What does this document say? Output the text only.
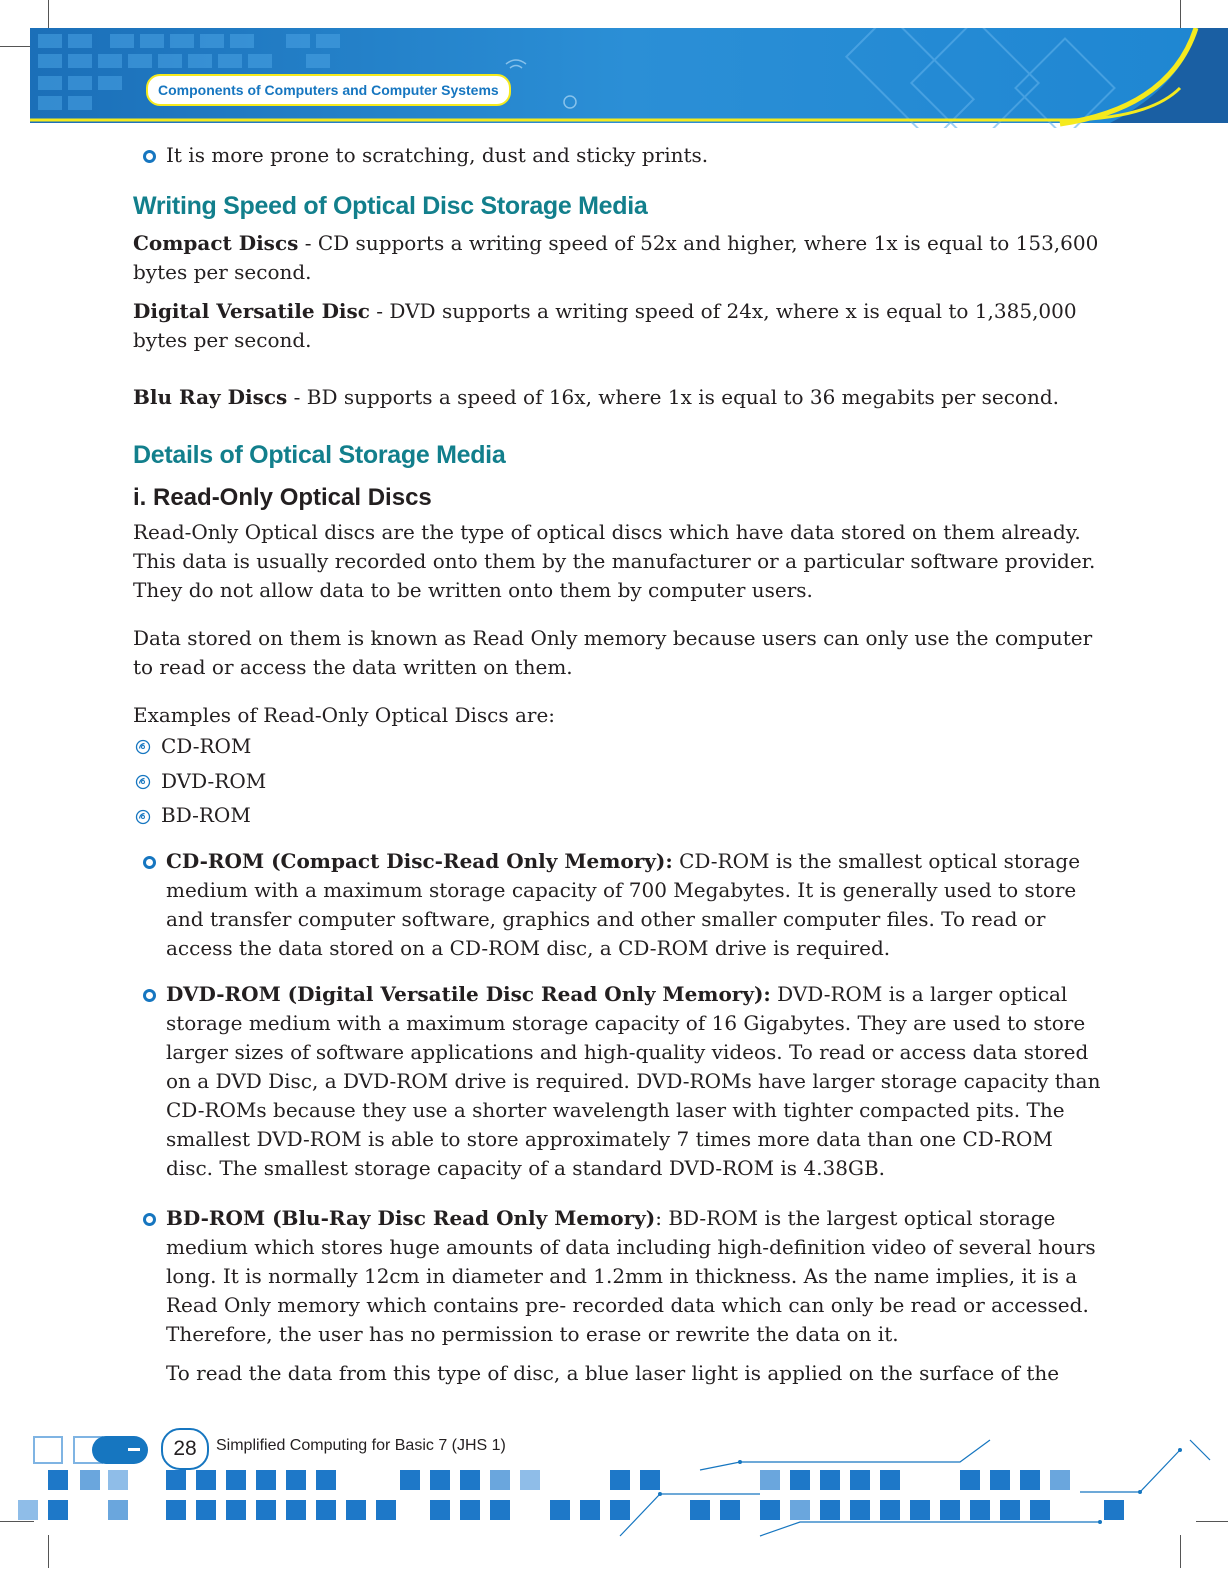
Components of Computers and Computer Systems

It is more prone to scratching, dust and sticky prints.

Writing Speed of Optical Disc Storage Media

Compact Discs - CD supports a writing speed of 52x and higher, where 1x is equal to 153,600 bytes per second.

Digital Versatile Disc - DVD supports a writing speed of 24x, where x is equal to 1,385,000 bytes per second.

Blu Ray Discs - BD supports a speed of 16x, where 1x is equal to 36 megabits per second.

Details of Optical Storage Media
i. Read-Only Optical Discs

Read-Only Optical discs are the type of optical discs which have data stored on them already. This data is usually recorded onto them by the manufacturer or a particular software provider. They do not allow data to be written onto them by computer users.

Data stored on them is known as Read Only memory because users can only use the computer to read or access the data written on them.

Examples of Read-Only Optical Discs are:

CD-ROM

DVD-ROM

BD-ROM

CD-ROM (Compact Disc-Read Only Memory): CD-ROM is the smallest optical storage medium with a maximum storage capacity of 700 Megabytes. It is generally used to store and transfer computer software, graphics and other smaller computer files. To read or access the data stored on a CD-ROM disc, a CD-ROM drive is required.

DVD-ROM (Digital Versatile Disc Read Only Memory): DVD-ROM is a larger optical storage medium with a maximum storage capacity of 16 Gigabytes. They are used to store larger sizes of software applications and high-quality videos. To read or access data stored on a DVD Disc, a DVD-ROM drive is required. DVD-ROMs have larger storage capacity than CD-ROMs because they use a shorter wavelength laser with tighter compacted pits. The smallest DVD-ROM is able to store approximately 7 times more data than one CD-ROM disc. The smallest storage capacity of a standard DVD-ROM is 4.38GB.

BD-ROM (Blu-Ray Disc Read Only Memory): BD-ROM is the largest optical storage medium which stores huge amounts of data including high-definition video of several hours long. It is normally 12cm in diameter and 1.2mm in thickness. As the name implies, it is a Read Only memory which contains pre- recorded data which can only be read or accessed. Therefore, the user has no permission to erase or rewrite the data on it.

To read the data from this type of disc, a blue laser light is applied on the surface of the

28	Simplified Computing for Basic 7 (JHS 1)
